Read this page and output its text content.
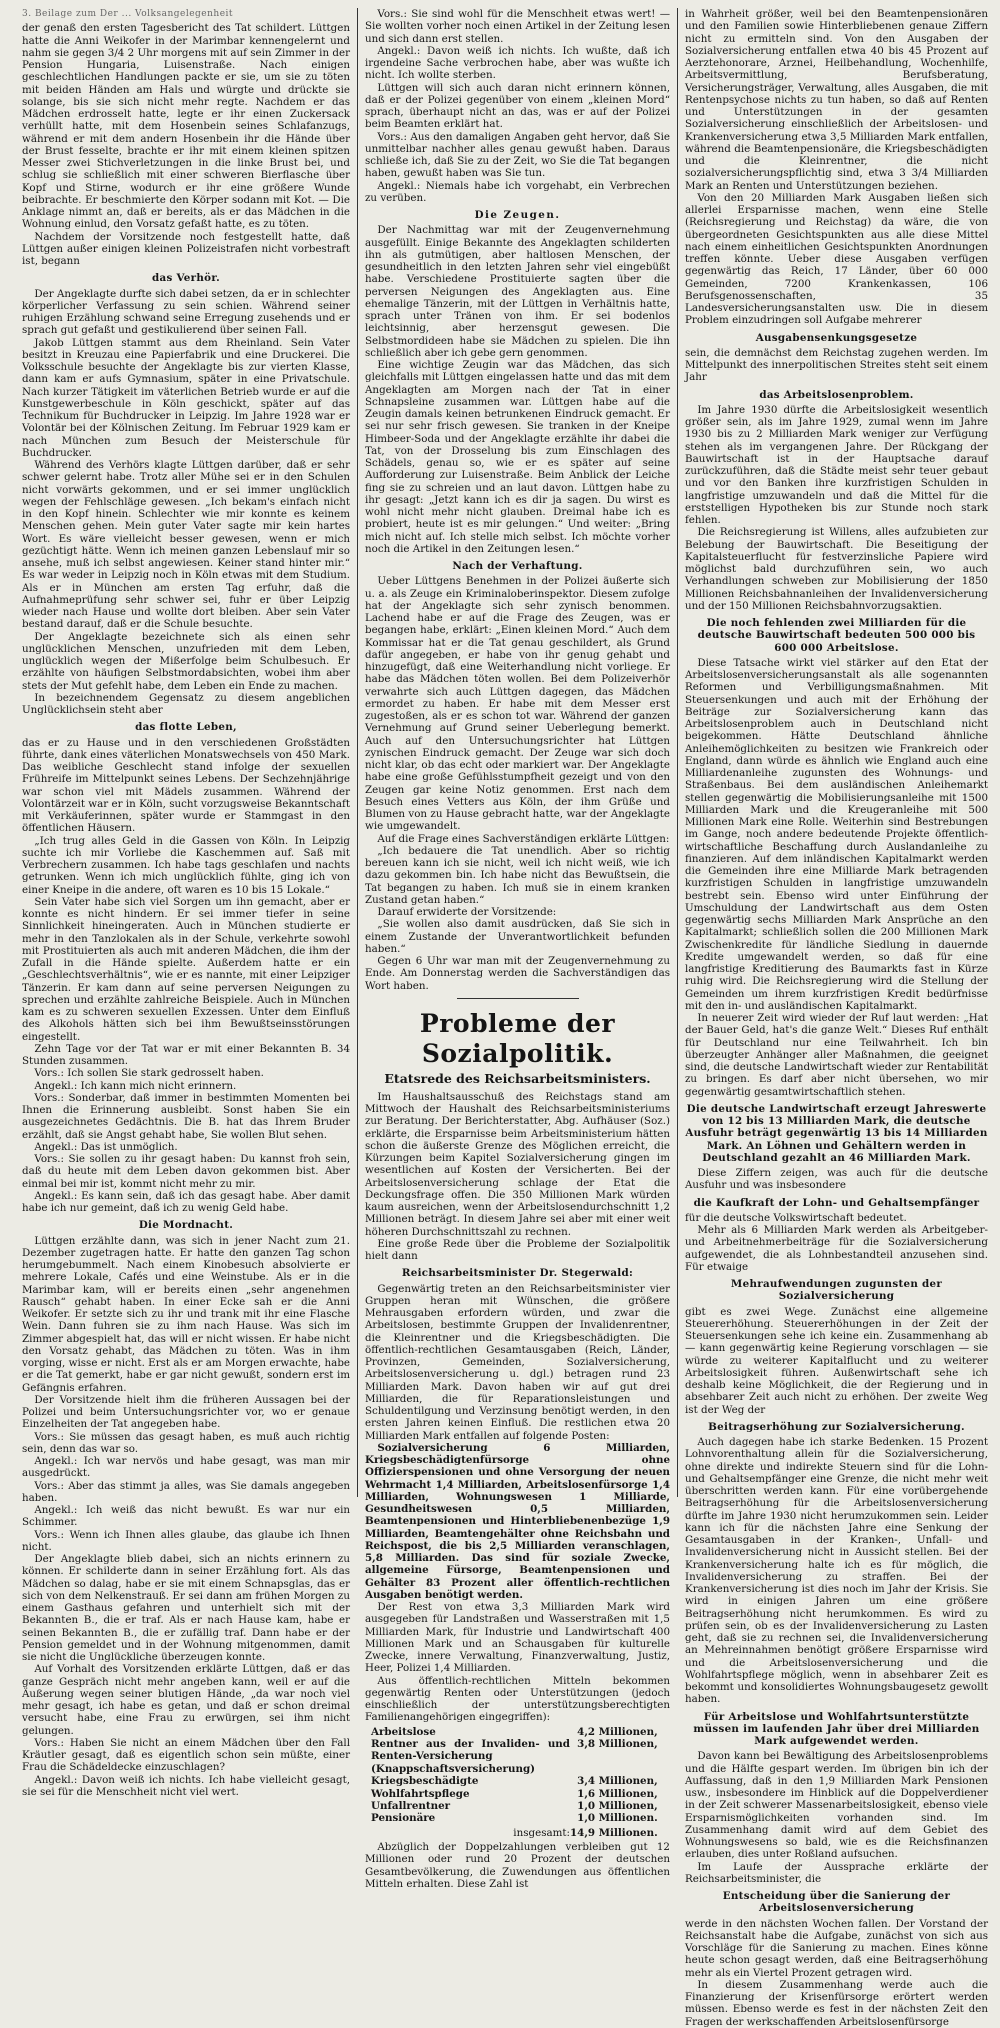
3. Beilage zum Der ... Volksangelegenheit

der genaß den ersten Tagesbericht des Tat schildert. Lüttgen hatte die Anni Weikofer in der Marimbar kennengelernt und nahm sie gegen 3/4 2 Uhr morgens mit auf sein Zimmer in der Pension Hungaria, Luisenstraße. Nach einigen geschlechtlichen Handlungen packte er sie, um sie zu töten mit beiden Händen am Hals und würgte und drückte sie solange, bis sie sich nicht mehr regte. Nachdem er das Mädchen erdrosselt hatte, legte er ihr einen Zuckersack verhüllt hatte, mit dem Hosenbein seines Schlafanzugs, während er mit dem andern Hosenbein ihr die Hände über der Brust fesselte, brachte er ihr mit einem kleinen spitzen Messer zwei Stichverletzungen in die linke Brust bei, und schlug sie schließlich mit einer schweren Bierflasche über Kopf und Stirne, wodurch er ihr eine größere Wunde beibrachte. Er beschmierte den Körper sodann mit Kot. — Die Anklage nimmt an, daß er bereits, als er das Mädchen in die Wohnung einlud, den Vorsatz gefaßt hatte, es zu töten.

Nachdem der Vorsitzende noch festgestellt hatte, daß Lüttgen außer einigen kleinen Polizeistrafen nicht vorbestraft ist, begann

das Verhör.

Der Angeklagte durfte sich dabei setzen, da er in schlechter körperlicher Verfassung zu sein schien. Während seiner ruhigen Erzählung schwand seine Erregung zusehends und er sprach gut gefaßt und gestikulierend über seinen Fall.

Jakob Lüttgen stammt aus dem Rheinland. Sein Vater besitzt in Kreuzau eine Papierfabrik und eine Druckerei. Die Volksschule besuchte der Angeklagte bis zur vierten Klasse, dann kam er aufs Gymnasium, später in eine Privatschule. Nach kurzer Tätigkeit im väterlichen Betrieb wurde er auf die Kunstgewerbeschule in Köln geschickt, später auf das Technikum für Buchdrucker in Leipzig. Im Jahre 1928 war er Volontär bei der Kölnischen Zeitung. Im Februar 1929 kam er nach München zum Besuch der Meisterschule für Buchdrucker.

Während des Verhörs klagte Lüttgen darüber, daß er sehr schwer gelernt habe. Trotz aller Mühe sei er in den Schulen nicht vorwärts gekommen, und er sei immer unglücklich wegen der Fehlschläge gewesen. „Ich bekam's einfach nicht in den Kopf hinein. Schlechter wie mir konnte es keinem Menschen gehen. Mein guter Vater sagte mir kein hartes Wort. Es wäre vielleicht besser gewesen, wenn er mich gezüchtigt hätte. Wenn ich meinen ganzen Lebenslauf mir so ansehe, muß ich selbst angewiesen. Keiner stand hinter mir.“ Es war weder in Leipzig noch in Köln etwas mit dem Studium. Als er in München am ersten Tag erfuhr, daß die Aufnahmeprüfung sehr schwer sei, fuhr er über Leipzig wieder nach Hause und wollte dort bleiben. Aber sein Vater bestand darauf, daß er die Schule besuchte.

Der Angeklagte bezeichnete sich als einen sehr unglücklichen Menschen, unzufrieden mit dem Leben, unglücklich wegen der Mißerfolge beim Schulbesuch. Er erzählte von häufigen Selbstmordabsichten, wobei ihm aber stets der Mut gefehlt habe, dem Leben ein Ende zu machen.

In bezeichnendem Gegensatz zu diesem angeblichen Unglücklichsein steht aber

das flotte Leben,

das er zu Hause und in den verschiedenen Großstädten führte, dank eines väterlichen Monatswechsels von 450 Mark. Das weibliche Geschlecht stand infolge der sexuellen Frühreife im Mittelpunkt seines Lebens. Der Sechzehnjährige war schon viel mit Mädels zusammen. Während der Volontärzeit war er in Köln, sucht vorzugsweise Bekanntschaft mit Verkäuferinnen, später wurde er Stammgast in den öffentlichen Häusern.

„Ich trug alles Geld in die Gassen von Köln. In Leipzig suchte ich mir Vorliebe die Kaschemmen auf. Saß mit Verbrechern zusammen. Ich habe tags geschlafen und nachts getrunken. Wenn ich mich unglücklich fühlte, ging ich von einer Kneipe in die andere, oft waren es 10 bis 15 Lokale.“

Sein Vater habe sich viel Sorgen um ihn gemacht, aber er konnte es nicht hindern. Er sei immer tiefer in seine Sinnlichkeit hineingeraten. Auch in München studierte er mehr in den Tanzlokalen als in der Schule, verkehrte sowohl mit Prostituierten als auch mit anderen Mädchen, die ihm der Zufall in die Hände spielte. Außerdem hatte er ein „Geschlechtsverhältnis“, wie er es nannte, mit einer Leipziger Tänzerin. Er kam dann auf seine perversen Neigungen zu sprechen und erzählte zahlreiche Beispiele. Auch in München kam es zu schweren sexuellen Exzessen. Unter dem Einfluß des Alkohols hätten sich bei ihm Bewußtseinsstörungen eingestellt.

Zehn Tage vor der Tat war er mit einer Bekannten B. 34 Stunden zusammen.

Vors.: Ich sollen Sie stark gedrosselt haben.

Angekl.: Ich kann mich nicht erinnern.

Vors.: Sonderbar, daß immer in bestimmten Momenten bei Ihnen die Erinnerung ausbleibt. Sonst haben Sie ein ausgezeichnetes Gedächtnis. Die B. hat das Ihrem Bruder erzählt, daß sie Angst gehabt habe, Sie wollen Blut sehen.

Angekl.: Das ist unmöglich.

Vors.: Sie sollen zu ihr gesagt haben: Du kannst froh sein, daß du heute mit dem Leben davon gekommen bist. Aber einmal bei mir ist, kommt nicht mehr zu mir.

Angekl.: Es kann sein, daß ich das gesagt habe. Aber damit habe ich nur gemeint, daß ich zu wenig Geld habe.

Die Mordnacht.

Lüttgen erzählte dann, was sich in jener Nacht zum 21. Dezember zugetragen hatte. Er hatte den ganzen Tag schon herumgebummelt. Nach einem Kinobesuch absolvierte er mehrere Lokale, Cafés und eine Weinstube. Als er in die Marimbar kam, will er bereits einen „sehr angenehmen Rausch“ gehabt haben. In einer Ecke sah er die Anni Weikofer. Er setzte sich zu ihr und trank mit ihr eine Flasche Wein. Dann fuhren sie zu ihm nach Hause. Was sich im Zimmer abgespielt hat, das will er nicht wissen. Er habe nicht den Vorsatz gehabt, das Mädchen zu töten. Was in ihm vorging, wisse er nicht. Erst als er am Morgen erwachte, habe er die Tat gemerkt, habe er gar nicht gewußt, sondern erst im Gefängnis erfahren.

Der Vorsitzende hielt ihm die früheren Aussagen bei der Polizei und beim Untersuchungsrichter vor, wo er genaue Einzelheiten der Tat angegeben habe.

Vors.: Sie müssen das gesagt haben, es muß auch richtig sein, denn das war so.

Angekl.: Ich war nervös und habe gesagt, was man mir ausgedrückt.

Vors.: Aber das stimmt ja alles, was Sie damals angegeben haben.

Angekl.: Ich weiß das nicht bewußt. Es war nur ein Schimmer.

Vors.: Wenn ich Ihnen alles glaube, das glaube ich Ihnen nicht.

Der Angeklagte blieb dabei, sich an nichts erinnern zu können. Er schilderte dann in seiner Erzählung fort. Als das Mädchen so dalag, habe er sie mit einem Schnapsglas, das er sich von dem Nelkenstrauß. Er sei dann am frühen Morgen zu einem Gasthaus gefahren und unterhielt sich mit der Bekannten B., die er traf. Als er nach Hause kam, habe er seinen Bekannten B., die er zufällig traf. Dann habe er der Pension gemeldet und in der Wohnung mitgenommen, damit sie nicht die Unglückliche überzeugen konnte.

Auf Vorhalt des Vorsitzenden erklärte Lüttgen, daß er das ganze Gespräch nicht mehr angeben kann, weil er auf die Äußerung wegen seiner blutigen Hände, „da war noch viel mehr gesagt, ich habe es getan, und daß er schon dreimal versucht habe, eine Frau zu erwürgen, sei ihm nicht gelungen.

Vors.: Haben Sie nicht an einem Mädchen über den Fall Kräutler gesagt, daß es eigentlich schon sein müßte, einer Frau die Schädeldecke einzuschlagen?

Angekl.: Davon weiß ich nichts. Ich habe vielleicht gesagt, sie sei für die Menschheit nicht viel wert.

Vors.: Sie sind wohl für die Menschheit etwas wert! — Sie wollten vorher noch einen Artikel in der Zeitung lesen und sich dann erst stellen.

Angekl.: Davon weiß ich nichts. Ich wußte, daß ich irgendeine Sache verbrochen habe, aber was wußte ich nicht. Ich wollte sterben.

Lüttgen will sich auch daran nicht erinnern können, daß er der Polizei gegenüber von einem „kleinen Mord“ sprach, überhaupt nicht an das, was er auf der Polizei beim Beamten erklärt hat.

Vors.: Aus den damaligen Angaben geht hervor, daß Sie unmittelbar nachher alles genau gewußt haben. Daraus schließe ich, daß Sie zu der Zeit, wo Sie die Tat begangen haben, gewußt haben was Sie tun.

Angekl.: Niemals habe ich vorgehabt, ein Verbrechen zu verüben.

Die Zeugen.

Der Nachmittag war mit der Zeugenvernehmung ausgefüllt. Einige Bekannte des Angeklagten schilderten ihn als gutmütigen, aber haltlosen Menschen, der gesundheitlich in den letzten Jahren sehr viel eingebüßt habe. Verschiedene Prostituierte sagten über die perversen Neigungen des Angeklagten aus. Eine ehemalige Tänzerin, mit der Lüttgen in Verhältnis hatte, sprach unter Tränen von ihm. Er sei bodenlos leichtsinnig, aber herzensgut gewesen. Die Selbstmordideen habe sie Mädchen zu spielen. Die ihn schließlich aber ich gebe gern genommen.

Eine wichtige Zeugin war das Mädchen, das sich gleichfalls mit Lüttgen eingelassen hatte und das mit dem Angeklagten am Morgen nach der Tat in einer Schnapsleine zusammen war. Lüttgen habe auf die Zeugin damals keinen betrunkenen Eindruck gemacht. Er sei nur sehr frisch gewesen. Sie tranken in der Kneipe Himbeer-Soda und der Angeklagte erzählte ihr dabei die Tat, von der Drosselung bis zum Einschlagen des Schädels, genau so, wie er es später auf seine Aufforderung zur Luisenstraße. Beim Anblick der Leiche fing sie zu schreien und an laut davon. Lüttgen habe zu ihr gesagt: „Jetzt kann ich es dir ja sagen. Du wirst es wohl nicht mehr nicht glauben. Dreimal habe ich es probiert, heute ist es mir gelungen.“ Und weiter: „Bring mich nicht auf. Ich stelle mich selbst. Ich möchte vorher noch die Artikel in den Zeitungen lesen.“

Nach der Verhaftung.

Ueber Lüttgens Benehmen in der Polizei äußerte sich u. a. als Zeuge ein Kriminaloberinspektor. Diesem zufolge hat der Angeklagte sich sehr zynisch benommen. Lachend habe er auf die Frage des Zeugen, was er begangen habe, erklärt: „Einen kleinen Mord.“ Auch dem Kommissar hat er die Tat genau geschildert, als Grund dafür angegeben, er habe von ihr genug gehabt und hinzugefügt, daß eine Weiterhandlung nicht vorliege. Er habe das Mädchen töten wollen. Bei dem Polizeiverhör verwahrte sich auch Lüttgen dagegen, das Mädchen ermordet zu haben. Er habe mit dem Messer erst zugestoßen, als er es schon tot war. Während der ganzen Vernehmung auf Grund seiner Ueberlegung bemerkt. Auch auf den Untersuchungsrichter hat Lüttgen zynischen Eindruck gemacht. Der Zeuge war sich doch nicht klar, ob das echt oder markiert war. Der Angeklagte habe eine große Gefühlsstumpfheit gezeigt und von den Zeugen gar keine Notiz genommen. Erst nach dem Besuch eines Vetters aus Köln, der ihm Grüße und Blumen von zu Hause gebracht hatte, war der Angeklagte wie umgewandelt.

Auf die Frage eines Sachverständigen erklärte Lüttgen:

„Ich bedauere die Tat unendlich. Aber so richtig bereuen kann ich sie nicht, weil ich nicht weiß, wie ich dazu gekommen bin. Ich habe nicht das Bewußtsein, die Tat begangen zu haben. Ich muß sie in einem kranken Zustand getan haben.“

Darauf erwiderte der Vorsitzende:

„Sie wollen also damit ausdrücken, daß Sie sich in einem Zustande der Unverantwortlichkeit befunden haben.“

Gegen 6 Uhr war man mit der Zeugenvernehmung zu Ende. Am Donnerstag werden die Sachverständigen das Wort haben.

Probleme der Sozialpolitik.
Etatsrede des Reichsarbeitsministers.

Im Haushaltsausschuß des Reichstags stand am Mittwoch der Haushalt des Reichsarbeitsministeriums zur Beratung. Der Berichterstatter, Abg. Aufhäuser (Soz.) erklärte, die Ersparnisse beim Arbeitsministerium hätten schon die äußerste Grenze des Möglichen erreicht, die Kürzungen beim Kapitel Sozialversicherung gingen im wesentlichen auf Kosten der Versicherten. Bei der Arbeitslosenversicherung schlage der Etat die Deckungsfrage offen. Die 350 Millionen Mark würden kaum ausreichen, wenn der Arbeitslosendurchschnitt 1,2 Millionen beträgt. In diesem Jahre sei aber mit einer weit höheren Durchschnittszahl zu rechnen.

Eine große Rede über die Probleme der Sozialpolitik hielt dann

Reichsarbeitsminister Dr. Stegerwald:

Gegenwärtig treten an den Reichsarbeitsminister vier Gruppen heran mit Wünschen, die größere Mehrausgaben erfordern würden, und zwar die Arbeitslosen, bestimmte Gruppen der Invalidenrentner, die Kleinrentner und die Kriegsbeschädigten. Die öffentlich-rechtlichen Gesamtausgaben (Reich, Länder, Provinzen, Gemeinden, Sozialversicherung, Arbeitslosenversicherung u. dgl.) betragen rund 23 Milliarden Mark. Davon haben wir auf gut drei Milliarden, die für Reparationsleistungen und Schuldentilgung und Verzinsung benötigt werden, in den ersten Jahren keinen Einfluß. Die restlichen etwa 20 Milliarden Mark entfallen auf folgende Posten:

Sozialversicherung 6 Milliarden, Kriegsbeschädigtenfürsorge ohne Offizierspensionen und ohne Versorgung der neuen Wehrmacht 1,4 Milliarden, Arbeitslosenfürsorge 1,4 Milliarden, Wohnungswesen 1 Milliarde, Gesundheitswesen 0,5 Milliarden, Beamtenpensionen und Hinterbliebenenbezüge 1,9 Milliarden, Beamtengehälter ohne Reichsbahn und Reichspost, die bis 2,5 Milliarden veranschlagen, 5,8 Milliarden. Das sind für soziale Zwecke, allgemeine Fürsorge, Beamtenpensionen und Gehälter 83 Prozent aller öffentlich-rechtlichen Ausgaben benötigt werden.

Der Rest von etwa 3,3 Milliarden Mark wird ausgegeben für Landstraßen und Wasserstraßen mit 1,5 Milliarden Mark, für Industrie und Landwirtschaft 400 Millionen Mark und an Schausgaben für kulturelle Zwecke, innere Verwaltung, Finanzverwaltung, Justiz, Heer, Polizei 1,4 Milliarden.

Aus öffentlich-rechtlichen Mitteln bekommen gegenwärtig Renten oder Unterstützungen (jedoch einschließlich der unterstützungsberechtigten Familienangehörigen eingegriffen):

Arbeitslose	4,2 Millionen,
Rentner aus der Invaliden- und Renten-Versicherung (Knappschaftsversicherung)	3,8 Millionen,
Kriegsbeschädigte	3,4 Millionen,
Wohlfahrtspflege	1,6 Millionen,
Unfallrentner	1,0 Millionen,
Pensionäre	1,0 Millionen.
insgesamt:	14,9 Millionen.

Abzüglich der Doppelzahlungen verbleiben gut 12 Millionen oder rund 20 Prozent der deutschen Gesamtbevölkerung, die Zuwendungen aus öffentlichen Mitteln erhalten. Diese Zahl ist

in Wahrheit größer, weil bei den Beamtenpensionären und den Familien sowie Hinterbliebenen genaue Ziffern nicht zu ermitteln sind. Von den Ausgaben der Sozialversicherung entfallen etwa 40 bis 45 Prozent auf Aerztehonorare, Arznei, Heilbehandlung, Wochenhilfe, Arbeitsvermittlung, Berufsberatung, Versicherungsträger, Verwaltung, alles Ausgaben, die mit Rentenpsychose nichts zu tun haben, so daß auf Renten und Unterstützungen in der gesamten Sozialversicherung einschließlich der Arbeitslosen- und Krankenversicherung etwa 3,5 Milliarden Mark entfallen, während die Beamtenpensionäre, die Kriegsbeschädigten und die Kleinrentner, die nicht sozialversicherungspflichtig sind, etwa 3 3/4 Milliarden Mark an Renten und Unterstützungen beziehen.

Von den 20 Milliarden Mark Ausgaben ließen sich allerlei Ersparnisse machen, wenn eine Stelle (Reichsregierung und Reichstag) da wäre, die von übergeordneten Gesichtspunkten aus alle diese Mittel nach einem einheitlichen Gesichtspunkten Anordnungen treffen könnte. Ueber diese Ausgaben verfügen gegenwärtig das Reich, 17 Länder, über 60 000 Gemeinden, 7200 Krankenkassen, 106 Berufsgenossenschaften, 35 Landesversicherungsanstalten usw. Die in diesem Problem einzudringen soll Aufgabe mehrerer

Ausgabensenkungsgesetze

sein, die demnächst dem Reichstag zugehen werden. Im Mittelpunkt des innerpolitischen Streites steht seit einem Jahr

das Arbeitslosenproblem.

Im Jahre 1930 dürfte die Arbeitslosigkeit wesentlich größer sein, als im Jahre 1929, zumal wenn im Jahre 1930 bis zu 2 Milliarden Mark weniger zur Verfügung stehen als im vergangenen Jahre. Der Rückgang der Bauwirtschaft ist in der Hauptsache darauf zurückzuführen, daß die Städte meist sehr teuer gebaut und vor den Banken ihre kurzfristigen Schulden in langfristige umzuwandeln und daß die Mittel für die erststelligen Hypotheken bis zur Stunde noch stark fehlen.

Die Reichsregierung ist Willens, alles aufzubieten zur Belebung der Bauwirtschaft. Die Beseitigung der Kapitalsteuerflucht für festverzinsliche Papiere wird möglichst bald durchzuführen sein, wo auch Verhandlungen schweben zur Mobilisierung der 1850 Millionen Reichsbahnanleihen der Invalidenversicherung und der 150 Millionen Reichsbahnvorzugsaktien.

Die noch fehlenden zwei Milliarden für die deutsche Bauwirtschaft bedeuten 500 000 bis 600 000 Arbeitslose.

Diese Tatsache wirkt viel stärker auf den Etat der Arbeitslosenversicherungsanstalt als alle sogenannten Reformen und Verbilligungsmaßnahmen. Mit Steuersenkungen und auch mit der Erhöhung der Beiträge zur Sozialversicherung kann das Arbeitslosenproblem auch in Deutschland nicht beigekommen. Hätte Deutschland ähnliche Anleihemöglichkeiten zu besitzen wie Frankreich oder England, dann würde es ähnlich wie England auch eine Milliardenanleihe zugunsten des Wohnungs- und Straßenbaus. Bei dem ausländischen Anleihemarkt stellen gegenwärtig die Mobilisierungsanleihe mit 1500 Milliarden Mark und die Kreugeranleihe mit 500 Millionen Mark eine Rolle. Weiterhin sind Bestrebungen im Gange, noch andere bedeutende Projekte öffentlich-wirtschaftliche Beschaffung durch Auslandanleihe zu finanzieren. Auf dem inländischen Kapitalmarkt werden die Gemeinden ihre eine Milliarde Mark betragenden kurzfristigen Schulden in langfristige umzuwandeln bestrebt sein. Ebenso wird unter Einführung der Umschuldung der Landwirtschaft aus dem Osten gegenwärtig sechs Milliarden Mark Ansprüche an den Kapitalmarkt; schließlich sollen die 200 Millionen Mark Zwischenkredite für ländliche Siedlung in dauernde Kredite umgewandelt werden, so daß für eine langfristige Kreditierung des Baumarkts fast in Kürze ruhig wird. Die Reichsregierung wird die Stellung der Gemeinden um ihrem kurzfristigen Kredit bedürfnisse mit den in- und ausländischen Kapitalmarkt.

In neuerer Zeit wird wieder der Ruf laut werden: „Hat der Bauer Geld, hat's die ganze Welt.“ Dieses Ruf enthält für Deutschland nur eine Teilwahrheit. Ich bin überzeugter Anhänger aller Maßnahmen, die geeignet sind, die deutsche Landwirtschaft wieder zur Rentabilität zu bringen. Es darf aber nicht übersehen, wo mir gegenwärtig gesamtwirtschaftlich stehen.

Die deutsche Landwirtschaft erzeugt Jahreswerte von 12 bis 13 Milliarden Mark, die deutsche Ausfuhr beträgt gegenwärtig 13 bis 14 Milliarden Mark. An Löhnen und Gehältern werden in Deutschland gezahlt an 46 Milliarden Mark.

Diese Ziffern zeigen, was auch für die deutsche Ausfuhr und was insbesondere

die Kaufkraft der Lohn- und Gehaltsempfänger

für die deutsche Volkswirtschaft bedeutet.

Mehr als 6 Milliarden Mark werden als Arbeitgeber- und Arbeitnehmerbeiträge für die Sozialversicherung aufgewendet, die als Lohnbestandteil anzusehen sind. Für etwaige

Mehraufwendungen zugunsten der Sozialversicherung

gibt es zwei Wege. Zunächst eine allgemeine Steuererhöhung. Steuererhöhungen in der Zeit der Steuersenkungen sehe ich keine ein. Zusammenhang ab — kann gegenwärtig keine Regierung vorschlagen — sie würde zu weiterer Kapitalflucht und zu weiterer Arbeitslosigkeit führen. Außenwirtschaft sehe ich deshalb keine Möglichkeit, die der Regierung und in absehbarer Zeit auch nicht zu erhöhen. Der zweite Weg ist der Weg der

Beitragserhöhung zur Sozialversicherung.

Auch dagegen habe ich starke Bedenken. 15 Prozent Lohnvorenthaltung allein für die Sozialversicherung, ohne direkte und indirekte Steuern sind für die Lohn- und Gehaltsempfänger eine Grenze, die nicht mehr weit überschritten werden kann. Für eine vorübergehende Beitragserhöhung für die Arbeitslosenversicherung dürfte im Jahre 1930 nicht herumzukommen sein. Leider kann ich für die nächsten Jahre eine Senkung der Gesamtausgaben in der Kranken-, Unfall- und Invalidenversicherung nicht in Aussicht stellen. Bei der Krankenversicherung halte ich es für möglich, die Invalidenversicherung zu straffen. Bei der Krankenversicherung ist dies noch im Jahr der Krisis. Sie wird in einigen Jahren um eine größere Beitragserhöhung nicht herumkommen. Es wird zu prüfen sein, ob es der Invalidenversicherung zu Lasten geht, daß sie zu rechnen sei, die Invalidenversicherung an Mehreinnahmen benötigt größere Ersparnisse wird und die Arbeitslosenversicherung und die Wohlfahrtspflege möglich, wenn in absehbarer Zeit es bekommt und konsolidiertes Wohnungsbaugesetz gewollt haben.

Für Arbeitslose und Wohlfahrtsunterstützte müssen im laufenden Jahr über drei Milliarden Mark aufgewendet werden.

Davon kann bei Bewältigung des Arbeitslosenproblems und die Hälfte gespart werden. Im übrigen bin ich der Auffassung, daß in den 1,9 Milliarden Mark Pensionen usw., insbesondere im Hinblick auf die Doppelverdiener in der Zeit schwerer Massenarbeitslosigkeit, ebenso viele Ersparnismöglichkeiten vorhanden sind. Im Zusammenhang damit wird auf dem Gebiet des Wohnungswesens so bald, wie es die Reichsfinanzen erlauben, dies unter Roßland aufsuchen.

Im Laufe der Aussprache erklärte der Reichsarbeitsminister, die

Entscheidung über die Sanierung der Arbeitslosenversicherung

werde in den nächsten Wochen fallen. Der Vorstand der Reichsanstalt habe die Aufgabe, zunächst von sich aus Vorschläge für die Sanierung zu machen. Eines könne heute schon gesagt werden, daß eine Beitragserhöhung mehr als ein Viertel Prozent getragen wird.

In diesem Zusammenhang werde auch die Finanzierung der Krisenfürsorge erörtert werden müssen. Ebenso werde es fest in der nächsten Zeit den Fragen der werkschaffenden Arbeitslosenfürsorge
